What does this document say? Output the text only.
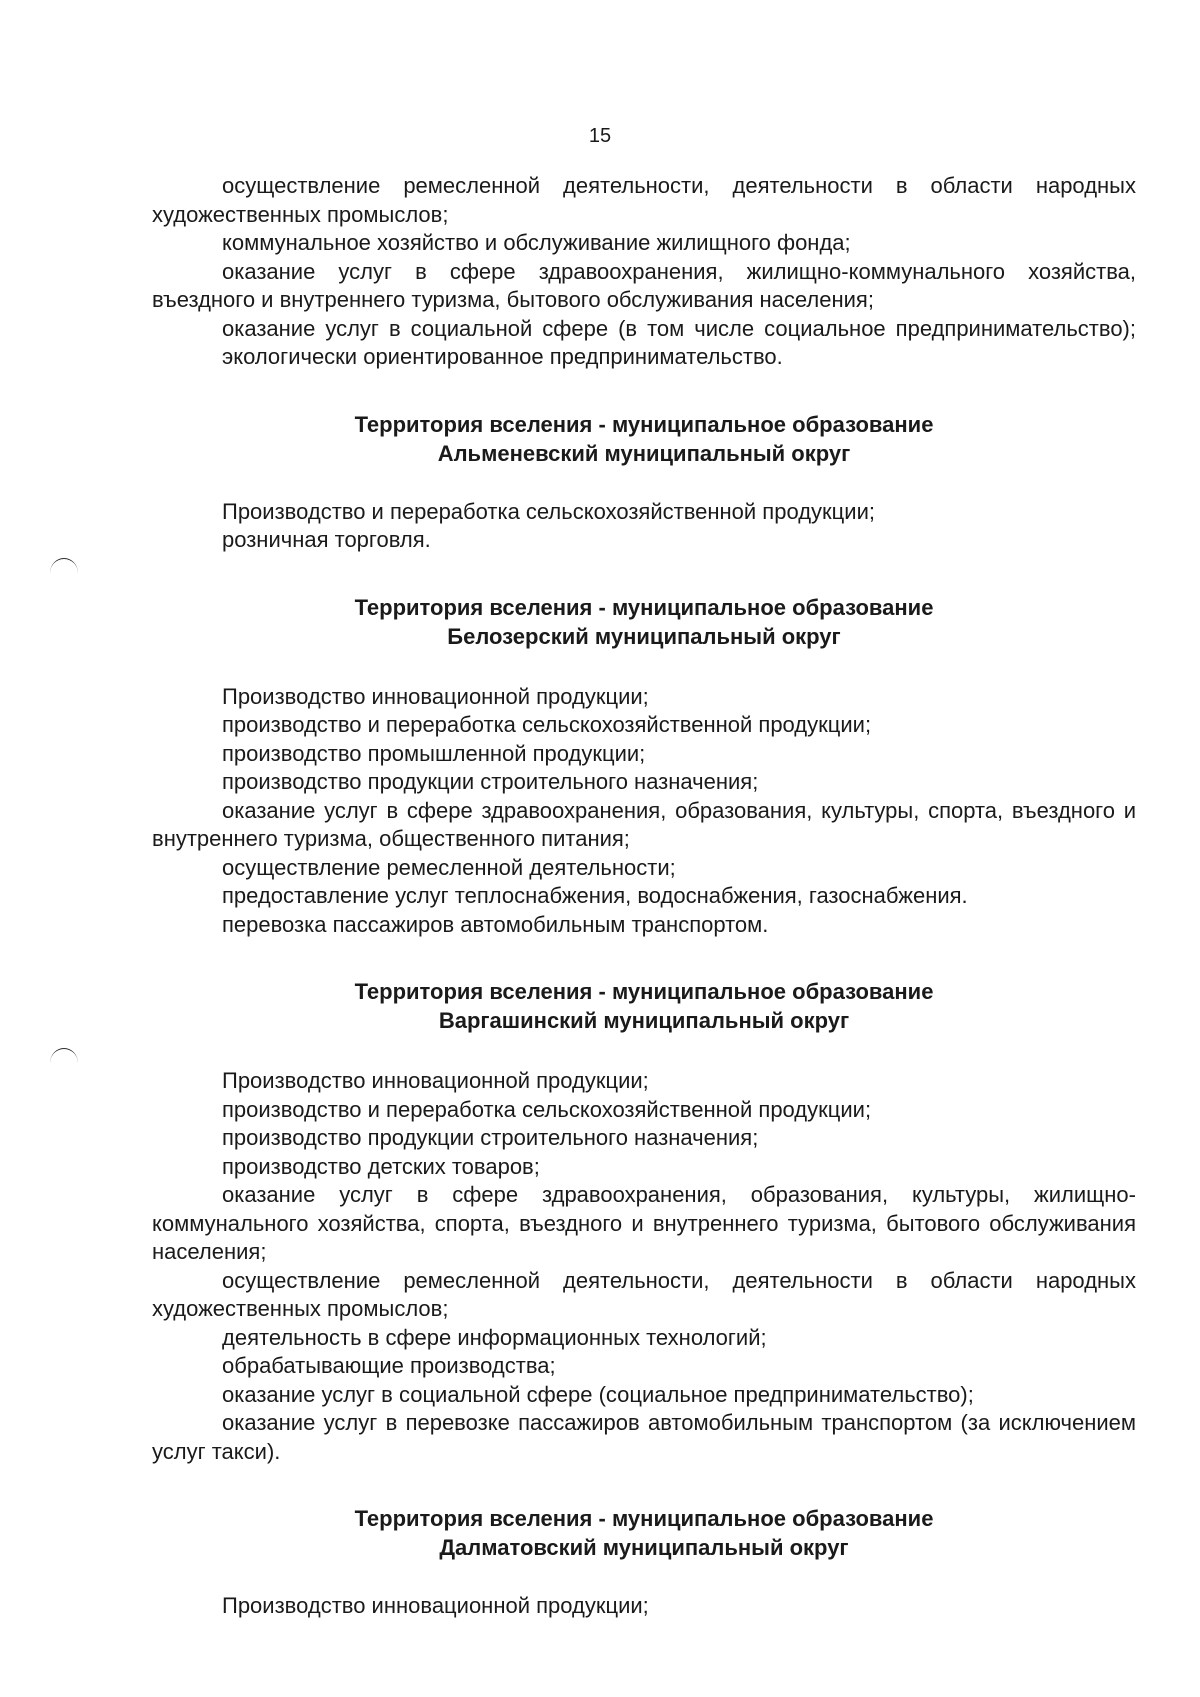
15

осуществление ремесленной деятельности, деятельности в области народных художественных промыслов;

коммунальное хозяйство и обслуживание жилищного фонда;

оказание услуг в сфере здравоохранения, жилищно-коммунального хозяйства, въездного и внутреннего туризма, бытового обслуживания населения;

оказание услуг в социальной сфере (в том числе социальное предпринимательство);

экологически ориентированное предпринимательство.

Территория вселения - муниципальное образование
Альменевский муниципальный округ

Производство и переработка сельскохозяйственной продукции;

розничная торговля.

Территория вселения - муниципальное образование
Белозерский муниципальный округ

Производство инновационной продукции;

производство и переработка сельскохозяйственной продукции;

производство промышленной продукции;

производство продукции строительного назначения;

оказание услуг в сфере здравоохранения, образования, культуры, спорта, въездного и внутреннего туризма, общественного питания;

осуществление ремесленной деятельности;

предоставление услуг теплоснабжения, водоснабжения, газоснабжения.

перевозка пассажиров автомобильным транспортом.

Территория вселения - муниципальное образование
Варгашинский муниципальный округ

Производство инновационной продукции;

производство и переработка сельскохозяйственной продукции;

производство продукции строительного назначения;

производство детских товаров;

оказание услуг в сфере здравоохранения, образования, культуры, жилищно-коммунального хозяйства, спорта, въездного и внутреннего туризма, бытового обслуживания населения;

осуществление ремесленной деятельности, деятельности в области народных художественных промыслов;

деятельность в сфере информационных технологий;

обрабатывающие производства;

оказание услуг в социальной сфере (социальное предпринимательство);

оказание услуг в перевозке пассажиров автомобильным транспортом (за исключением услуг такси).

Территория вселения - муниципальное образование
Далматовский муниципальный округ

Производство инновационной продукции;
